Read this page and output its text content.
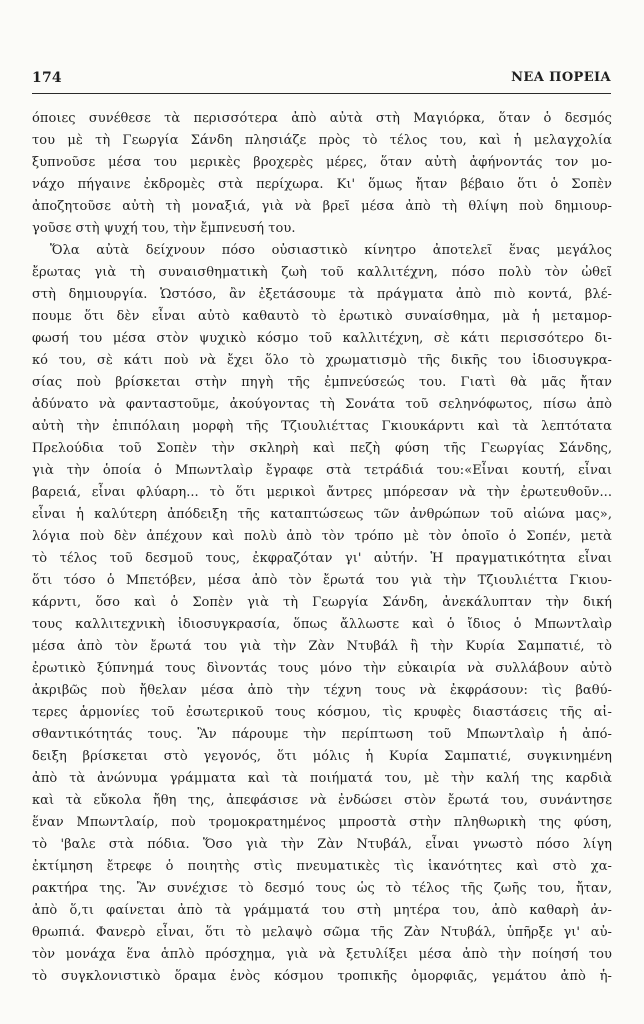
174	ΝΕΑ ΠΟΡΕΙΑ
όποιες συνέθεσε τὰ περισσότερα ἀπὸ αὐτὰ στὴ Μαγιόρκα, ὅταν ὁ δεσμός
του μὲ τὴ Γεωργία Σάνδη πλησιάζε πρὸς τὸ τέλος του, καὶ ἡ μελαγχολία
ξυπνοῦσε μέσα του μερικὲς βροχερὲς μέρες, ὅταν αὐτὴ ἀφήνοντάς τον μο-
νάχο πήγαινε ἐκδρομὲς στὰ περίχωρα. Κι' ὅμως ἤταν βέβαιο ὅτι ὁ Σοπὲν
ἀποζητοῦσε αὐτὴ τὴ μοναξιά, γιὰ νὰ βρεῖ μέσα ἀπὸ τὴ θλίψη ποὺ δημιουρ-
γοῦσε στὴ ψυχή του, τὴν ἔμπνευσή του.
Ὅλα αὐτὰ δείχνουν πόσο οὐσιαστικὸ κίνητρο ἀποτελεῖ ἕνας μεγάλος
ἔρωτας γιὰ τὴ συναισθηματικὴ ζωὴ τοῦ καλλιτέχνη, πόσο πολὺ τὸν ὠθεῖ
στὴ δημιουργία. Ὡστόσο, ἂν ἐξετάσουμε τὰ πράγματα ἀπὸ πιὸ κοντά, βλέ-
πουμε ὅτι δὲν εἶναι αὐτὸ καθαυτὸ τὸ ἐρωτικὸ συναίσθημα, μὰ ἡ μεταμορ-
φωσή του μέσα στὸν ψυχικὸ κόσμο τοῦ καλλιτέχνη, σὲ κάτι περισσότερο δι-
κό του, σὲ κάτι ποὺ νὰ ἔχει ὅλο τὸ χρωματισμὸ τῆς δικῆς του ἰδιοσυγκρα-
σίας ποὺ βρίσκεται στὴν πηγὴ τῆς ἐμπνεύσεώς του. Γιατὶ θὰ μᾶς ἤταν
ἀδύνατο νὰ φανταστοῦμε, ἀκούγοντας τὴ Σονάτα τοῦ σεληνόφωτος, πίσω ἀπὸ
αὐτὴ τὴν ἐπιπόλαιη μορφὴ τῆς Τζιουλιέττας Γκιουκάρντι καὶ τὰ λεπτότατα
Πρελούδια τοῦ Σοπὲν τὴν σκληρὴ καὶ πεζὴ φύση τῆς Γεωργίας Σάνδης,
γιὰ τὴν ὁποία ὁ Μπωντλαὶρ ἔγραφε στὰ τετράδιά του:«Εἶναι κουτή, εἶναι
βαρειά, εἶναι φλύαρη... τὸ ὅτι μερικοὶ ἄντρες μπόρεσαν νὰ τὴν ἐρωτευθοῦν...
εἶναι ἡ καλύτερη ἀπόδειξη τῆς καταπτώσεως τῶν ἀνθρώπων τοῦ αἰώνα μας»,
λόγια ποὺ δὲν ἀπέχουν καὶ πολὺ ἀπὸ τὸν τρόπο μὲ τὸν ὁποῖο ὁ Σοπέν, μετὰ
τὸ τέλος τοῦ δεσμοῦ τους, ἐκφραζόταν γι' αὐτήν. Ἡ πραγματικότητα εἶναι
ὅτι τόσο ὁ Μπετόβεν, μέσα ἀπὸ τὸν ἔρωτά του γιὰ τὴν Τζιουλιέττα Γκιου-
κάρντι, ὅσο καὶ ὁ Σοπὲν γιὰ τὴ Γεωργία Σάνδη, ἀνεκάλυπταν τὴν δική
τους καλλιτεχνικὴ ἰδιοσυγκρασία, ὅπως ἄλλωστε καὶ ὁ ἴδιος ὁ Μπωντλαὶρ
μέσα ἀπὸ τὸν ἔρωτά του γιὰ τὴν Ζὰν Ντυβάλ ἢ τὴν Κυρία Σαμπατιέ, τὸ
ἐρωτικὸ ξύπνημά τους δὶνοντάς τους μόνο τὴν εὐκαιρία νὰ συλλάβουν αὐτὸ
ἀκριβῶς ποὺ ἤθελαν μέσα ἀπὸ τὴν τέχνη τους νὰ ἐκφράσουν: τὶς βαθύ-
τερες ἁρμονίες τοῦ ἐσωτερικοῦ τους κόσμου, τὶς κρυφὲς διαστάσεις τῆς αἰ-
σθαντικότητάς τους. Ἂν πάρουμε τὴν περίπτωση τοῦ Μπωντλαὶρ ἡ ἀπό-
δειξη βρίσκεται στὸ γεγονός, ὅτι μόλις ἡ Κυρία Σαμπατιέ, συγκινημένη
ἀπὸ τὰ ἀνώνυμα γράμματα καὶ τὰ ποιήματά του, μὲ τὴν καλή της καρδιὰ
καὶ τὰ εὔκολα ἤθη της, ἀπεφάσισε νὰ ἐνδώσει στὸν ἔρωτά του, συνάντησε
ἕναν Μπωντλαίρ, ποὺ τρομοκρατημένος μπροστὰ στὴν πληθωρικὴ της φύση,
τὸ 'βαλε στὰ πόδια. Ὅσο γιὰ τὴν Ζὰν Ντυβάλ, εἶναι γνωστὸ πόσο λίγη
ἐκτίμηση ἔτρεφε ὁ ποιητὴς στὶς πνευματικὲς τὶς ἱκανότητες καὶ στὸ χα-
ρακτήρα της. Ἂν συνέχισε τὸ δεσμό τους ὡς τὸ τέλος τῆς ζωῆς του, ἤταν,
ἀπὸ ὅ,τι φαίνεται ἀπὸ τὰ γράμματά του στὴ μητέρα του, ἀπὸ καθαρὴ ἀν-
θρωπιά. Φανερὸ εἶναι, ὅτι τὸ μελαψὸ σῶμα τῆς Ζὰν Ντυβάλ, ὑπῆρξε γι' αὐ-
τὸν μονάχα ἕνα ἁπλὸ πρόσχημα, γιὰ νὰ ξετυλίξει μέσα ἀπὸ τὴν ποίησή του
τὸ συγκλονιστικὸ ὅραμα ἑνὸς κόσμου τροπικῆς ὀμορφιᾶς, γεμάτου ἀπὸ ἡ-
